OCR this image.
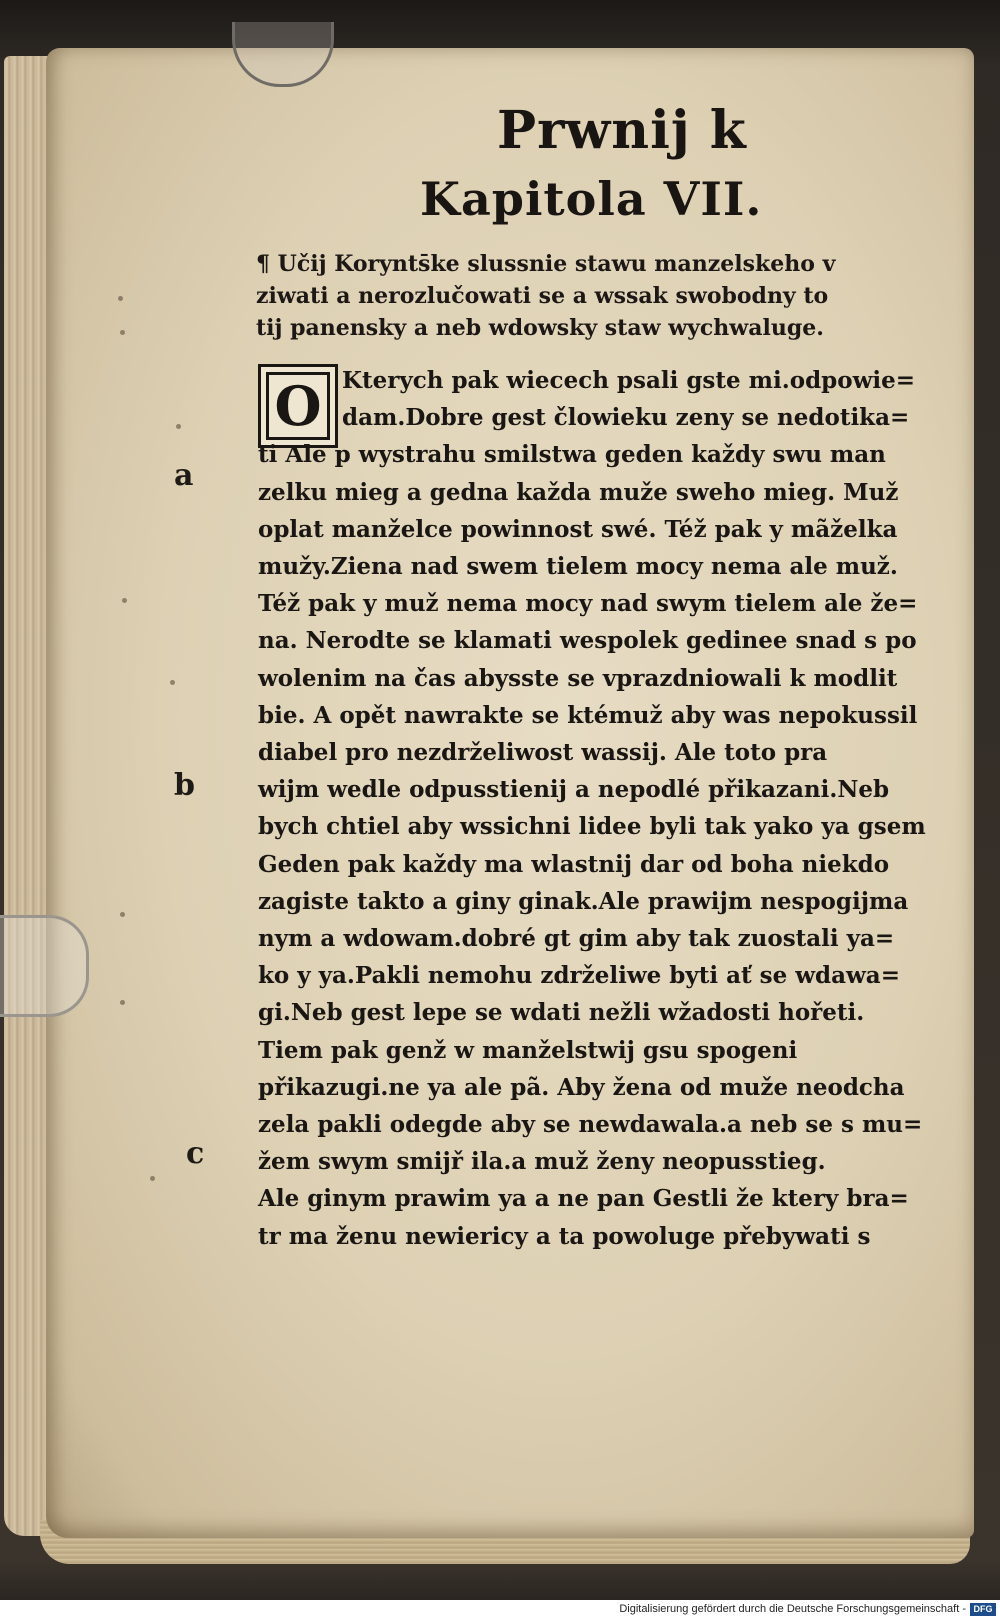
Prwnij k
Kapitola VII.
¶ Učij Korynts̄ke slussnie stawu manzelskeho v
ziwati a nerozlučowati se a wssak swobodny to
tij panensky a neb wdowsky staw wychwaluge.
O Kterych pak wiecech psali gste mi.odpowie=
dam.Dobre gest člowieku zeny se nedotika=
ti Ale p wystrahu smilstwa geden každy swu man
zelku mieg a gedna každa muže sweho mieg. Muž
oplat manželce powinnost swé. Též pak y mãželka
mužy.Ziena nad swem tielem mocy nema ale muž.
Též pak y muž nema mocy nad swym tielem ale že=
na. Nerodte se klamati wespolek gedinee snad s po
wolenim na čas abysste se vprazdniowali k modlit
bie. A opět nawrakte se ktémuž aby was nepokussil
diabel pro nezdrželiwost wassij. Ale toto pra
wijm wedle odpusstienij a nepodlé přikazani.Neb
bych chtiel aby wssichni lidee byli tak yako ya gsem
Geden pak každy ma wlastnij dar od boha niekdo
zagiste takto a giny ginak.Ale prawijm nespogijma
nym a wdowam.dobré gt gim aby tak zuostali ya=
ko y ya.Pakli nemohu zdrželiwe byti ať se wdawa=
gi.Neb gest lepe se wdati nežli wžadosti hořeti.
Tiem pak genž w manželstwij gsu spogeni
přikazugi.ne ya ale pã. Aby žena od muže neodcha
zela pakli odegde aby se newdawala.a neb se s mu=
žem swym smijř ila.a muž ženy neopusstieg.
Ale ginym prawim ya a ne pan Gestli že ktery bra=
tr ma ženu newiericy a ta powoluge přebywati s
a
b
c
Digitalisierung gefördert durch die Deutsche Forschungsgemeinschaft - DFG
